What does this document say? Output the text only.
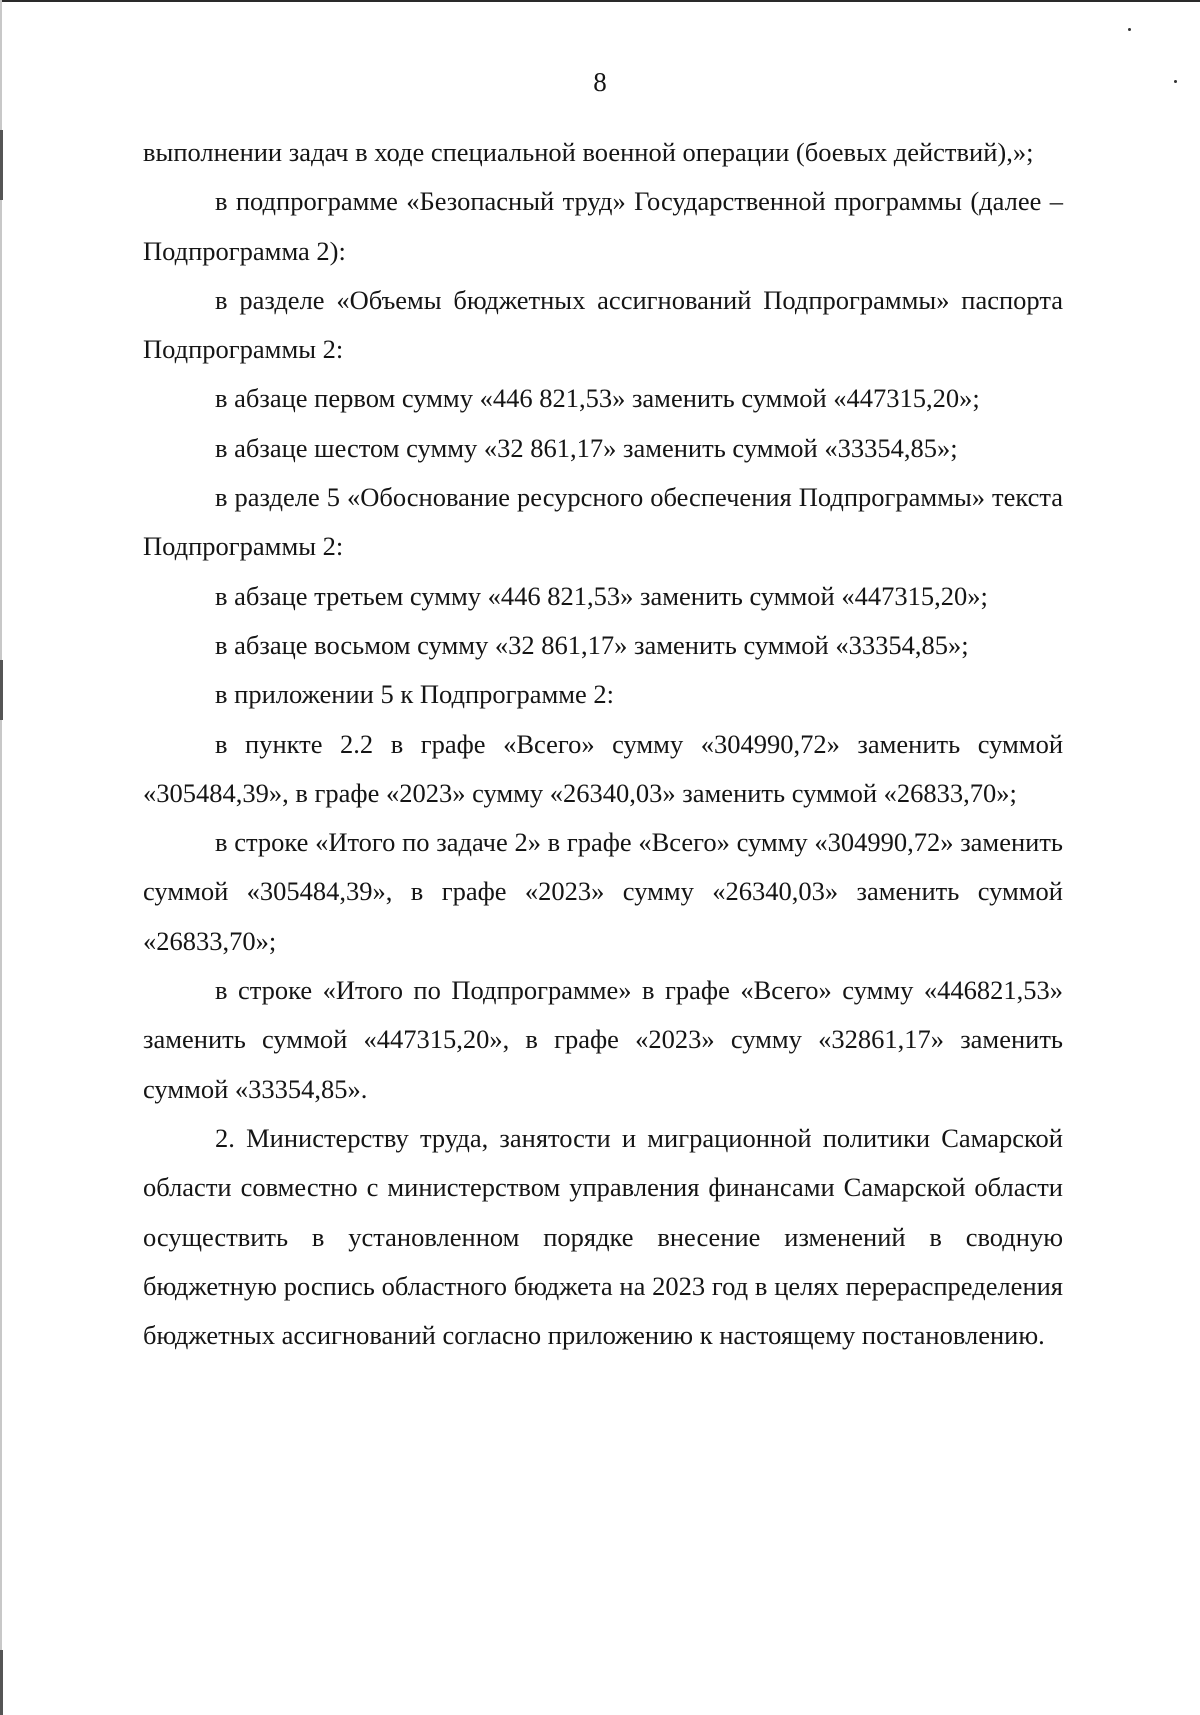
8

выполнении задач в ходе специальной военной операции (боевых действий),»;

в подпрограмме «Безопасный труд» Государственной программы (далее – Подпрограмма 2):

в разделе «Объемы бюджетных ассигнований Подпрограммы» паспорта Подпрограммы 2:

в абзаце первом сумму «446 821,53» заменить суммой «447315,20»;

в абзаце шестом сумму «32 861,17» заменить суммой «33354,85»;

в разделе 5 «Обоснование ресурсного обеспечения Подпрограммы» текста Подпрограммы 2:

в абзаце третьем сумму «446 821,53» заменить суммой «447315,20»;

в абзаце восьмом сумму «32 861,17» заменить суммой «33354,85»;

в приложении 5 к Подпрограмме 2:

в пункте 2.2 в графе «Всего» сумму «304990,72» заменить суммой «305484,39», в графе «2023» сумму «26340,03» заменить суммой «26833,70»;

в строке «Итого по задаче 2» в графе «Всего» сумму «304990,72» заменить суммой «305484,39», в графе «2023» сумму «26340,03» заменить суммой «26833,70»;

в строке «Итого по Подпрограмме» в графе «Всего» сумму «446821,53» заменить суммой «447315,20», в графе «2023» сумму «32861,17» заменить суммой «33354,85».

2. Министерству труда, занятости и миграционной политики Самарской области совместно с министерством управления финансами Самарской области осуществить в установленном порядке внесение изменений в сводную бюджетную роспись областного бюджета на 2023 год в целях перераспределения бюджетных ассигнований согласно приложению к настоящему постановлению.
